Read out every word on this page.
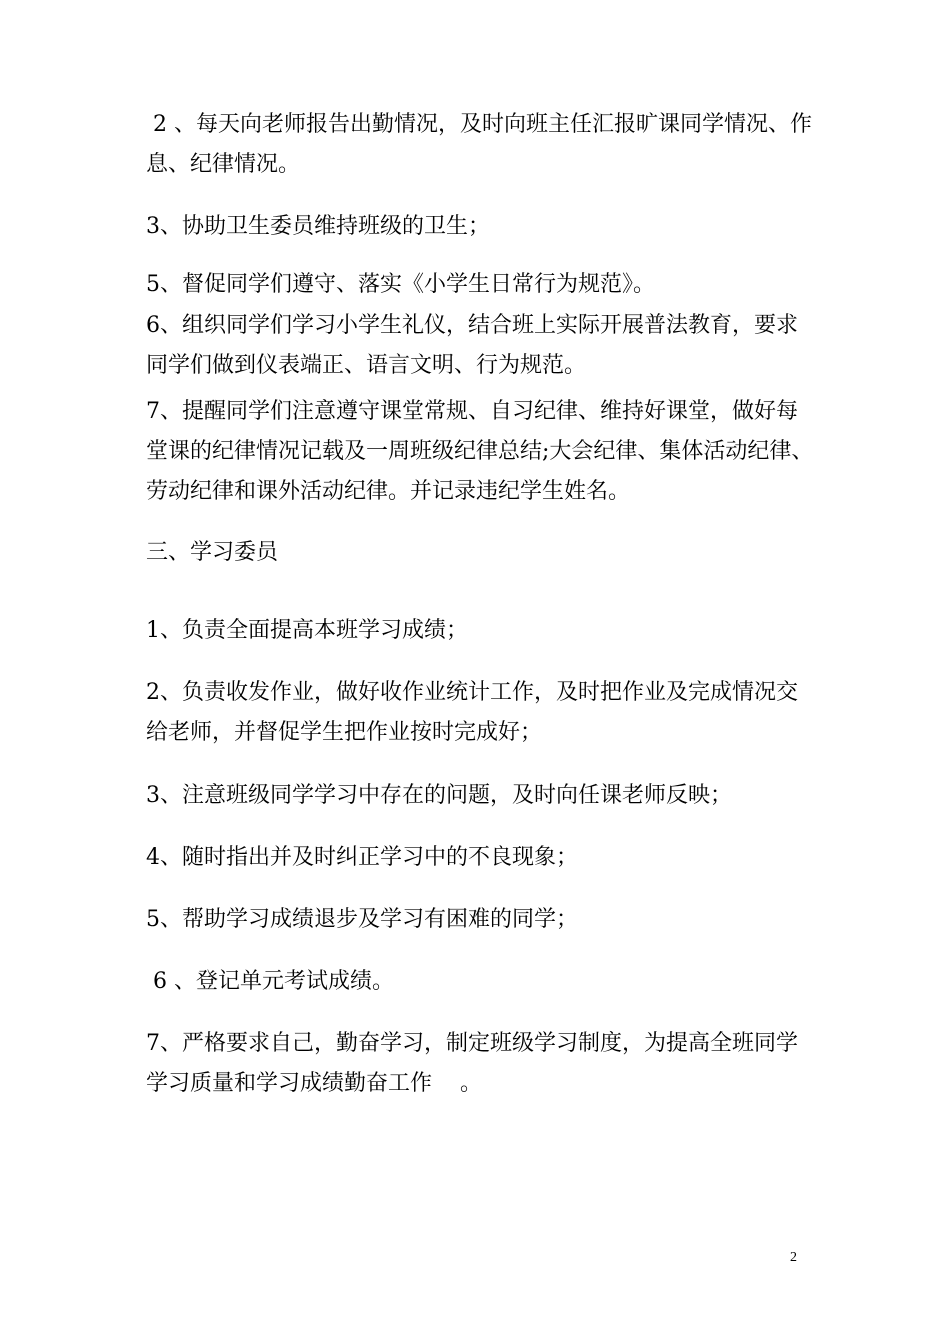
2 、每天向老师报告出勤情况，及时向班主任汇报旷课同学情况、作息、纪律情况。

3、协助卫生委员维持班级的卫生；

5、督促同学们遵守、落实《小学生日常行为规范》。

6、组织同学们学习小学生礼仪，结合班上实际开展普法教育，要求同学们做到仪表端正、语言文明、行为规范。

7、提醒同学们注意遵守课堂常规、自习纪律、维持好课堂，做好每堂课的纪律情况记载及一周班级纪律总结;大会纪律、集体活动纪律、劳动纪律和课外活动纪律。并记录违纪学生姓名。

三、学习委员

1、负责全面提高本班学习成绩；

2、负责收发作业，做好收作业统计工作，及时把作业及完成情况交给老师，并督促学生把作业按时完成好；

3、注意班级同学学习中存在的问题，及时向任课老师反映；

4、随时指出并及时纠正学习中的不良现象；

5、帮助学习成绩退步及学习有困难的同学；

6 、登记单元考试成绩。

7、严格要求自己，勤奋学习，制定班级学习制度，为提高全班同学学习质量和学习成绩勤奋工作    。

2
